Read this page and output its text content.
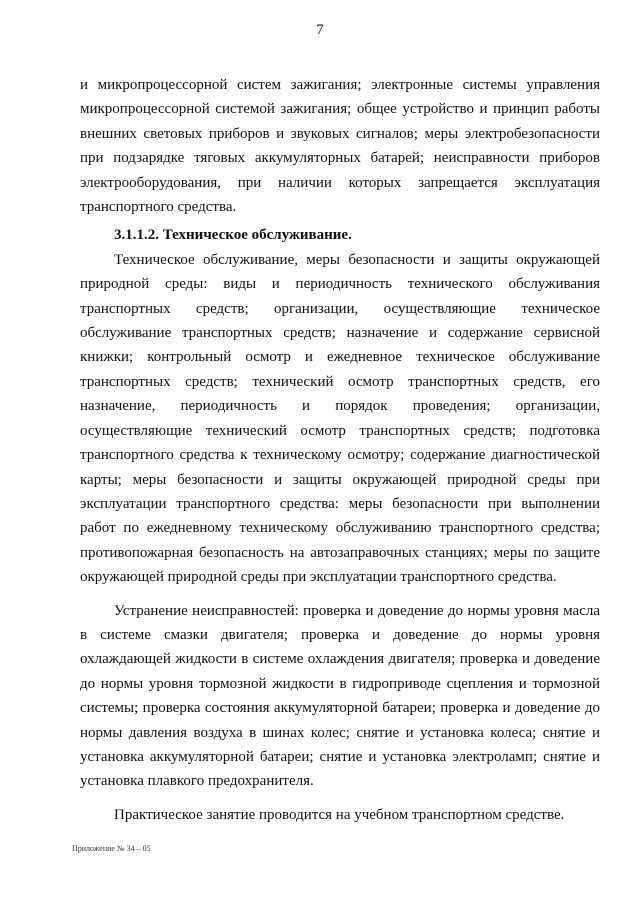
7

и микропроцессорной систем зажигания; электронные системы управления микропроцессорной системой зажигания; общее устройство и принцип работы внешних световых приборов и звуковых сигналов; меры электробезопасности при подзарядке тяговых аккумуляторных батарей; неисправности приборов электрооборудования, при наличии которых запрещается эксплуатация транспортного средства.

3.1.1.2. Техническое обслуживание.

Техническое обслуживание, меры безопасности и защиты окружающей природной среды: виды и периодичность технического обслуживания транспортных средств; организации, осуществляющие техническое обслуживание транспортных средств; назначение и содержание сервисной книжки; контрольный осмотр и ежедневное техническое обслуживание транспортных средств; технический осмотр транспортных средств, его назначение, периодичность и порядок проведения; организации, осуществляющие технический осмотр транспортных средств; подготовка транспортного средства к техническому осмотру; содержание диагностической карты; меры безопасности и защиты окружающей природной среды при эксплуатации транспортного средства: меры безопасности при выполнении работ по ежедневному техническому обслуживанию транспортного средства; противопожарная безопасность на автозаправочных станциях; меры по защите окружающей природной среды при эксплуатации транспортного средства.

Устранение неисправностей: проверка и доведение до нормы уровня масла в системе смазки двигателя; проверка и доведение до нормы уровня охлаждающей жидкости в системе охлаждения двигателя; проверка и доведение до нормы уровня тормозной жидкости в гидроприводе сцепления и тормозной системы; проверка состояния аккумуляторной батареи; проверка и доведение до нормы давления воздуха в шинах колес; снятие и установка колеса; снятие и установка аккумуляторной батареи; снятие и установка электроламп; снятие и установка плавкого предохранителя.

Практическое занятие проводится на учебном транспортном средстве.

Приложение № 34 – 05
